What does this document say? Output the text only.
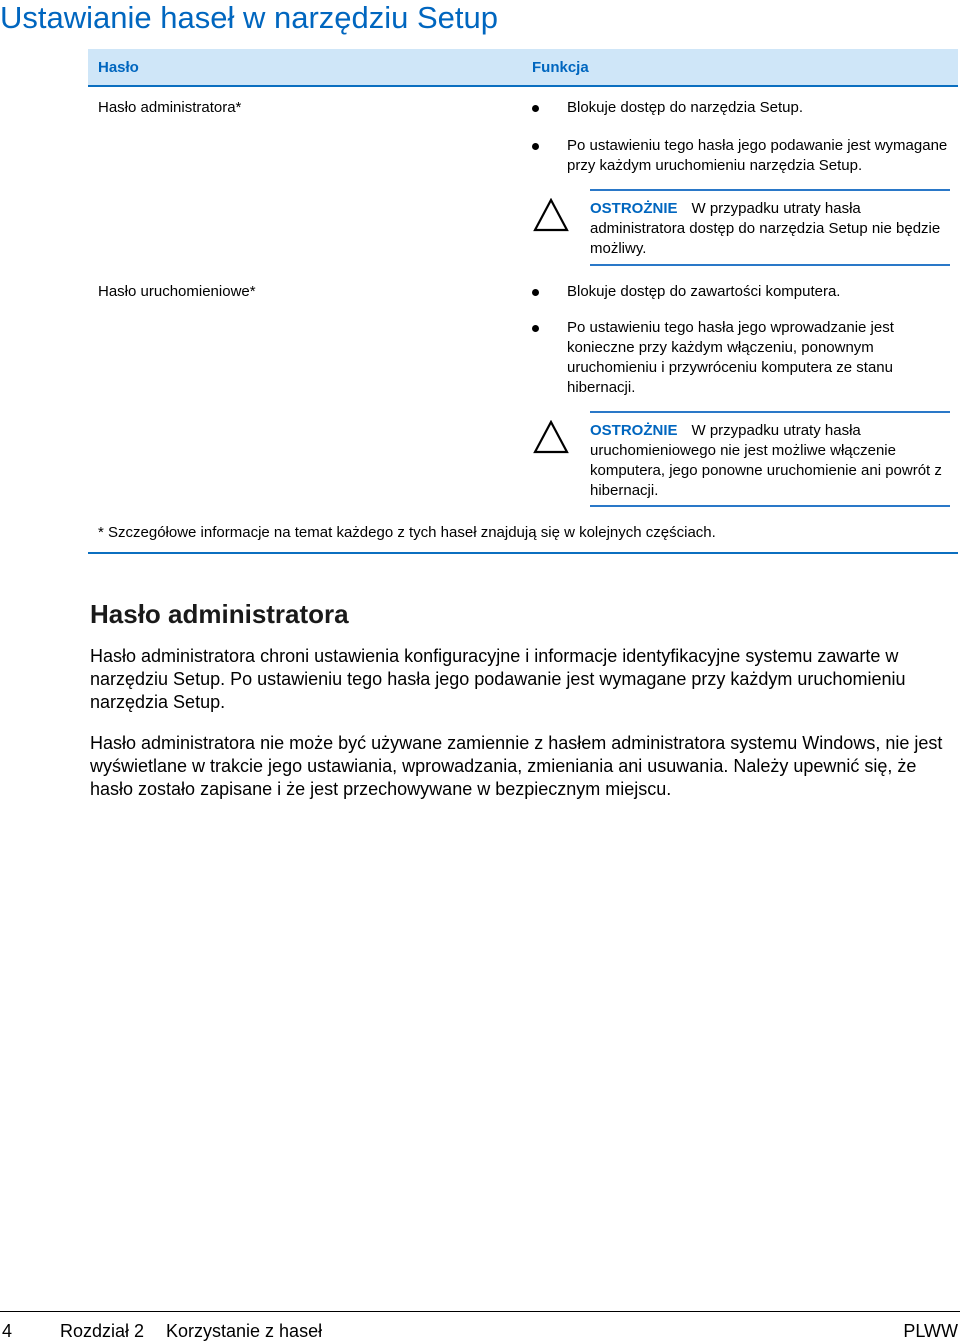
Ustawianie haseł w narzędziu Setup
Hasło	Funkcja
Hasło administratora*	Blokuje dostęp do narzędzia Setup.
Po ustawieniu tego hasła jego podawanie jest wymagane przy każdym uruchomieniu narzędzia Setup.
OSTROŻNIE W przypadku utraty hasła administratora dostęp do narzędzia Setup nie będzie możliwy.
Hasło uruchomieniowe*	Blokuje dostęp do zawartości komputera.
Po ustawieniu tego hasła jego wprowadzanie jest konieczne przy każdym włączeniu, ponownym uruchomieniu i przywróceniu komputera ze stanu hibernacji.
OSTROŻNIE W przypadku utraty hasła uruchomieniowego nie jest możliwe włączenie komputera, jego ponowne uruchomienie ani powrót z hibernacji.
* Szczegółowe informacje na temat każdego z tych haseł znajdują się w kolejnych częściach.
Hasło administratora

Hasło administratora chroni ustawienia konfiguracyjne i informacje identyfikacyjne systemu zawarte w narzędziu Setup. Po ustawieniu tego hasła jego podawanie jest wymagane przy każdym uruchomieniu narzędzia Setup.

Hasło administratora nie może być używane zamiennie z hasłem administratora systemu Windows, nie jest wyświetlane w trakcie jego ustawiania, wprowadzania, zmieniania ani usuwania. Należy upewnić się, że hasło zostało zapisane i że jest przechowywane w bezpiecznym miejscu.

4	Rozdział 2 Korzystanie z haseł	PLWW
